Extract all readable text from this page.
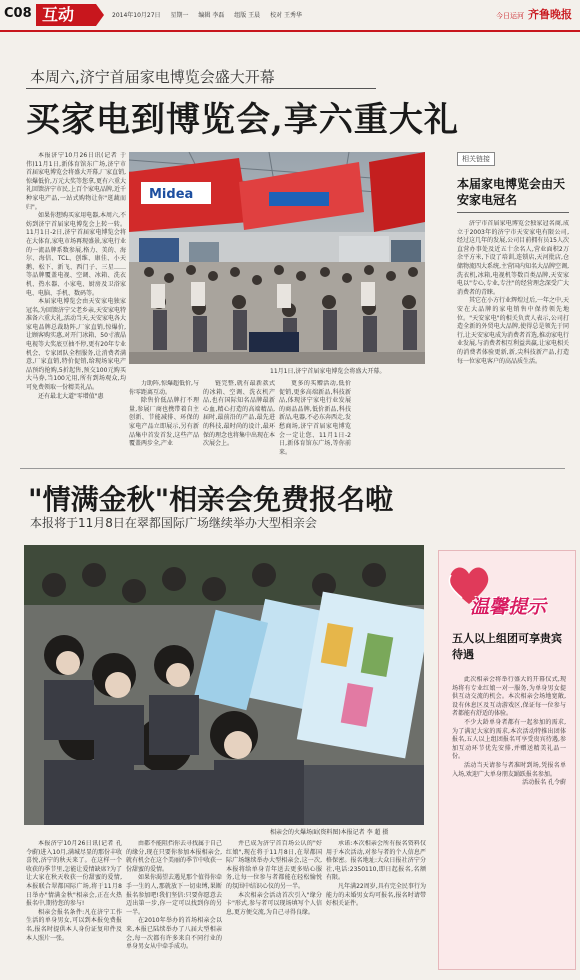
C08 互动	2014年10月27日 星期一 编辑 李磊 组版 王晨 校对 王秀华	今日运河 齐鲁晚报
本周六,济宁首届家电博览会盛大开幕
买家电到博览会,享六重大礼

本报济宁10月26日讯(记者 于伟)11月1日,新体育馆东广场,济宁市首届家电博览会将盛大开幕,厂家直销,惊爆低价,万元大奖等您拿,更有六重大礼回馈济宁市民,上百个家电品牌,近千种家电产品,一站式购物让你"逛蔬而归"。

如果你想购买家用电器,本周六,不妨到济宁首届家电博览会上转一转。11月1日-2日,济宁首届家电博览会将在大体育,家电市场再现盛景,家电行业的一流品牌系数参展,格力、美的、海尔、海信、TCL、创维、康佳、小天鹅、松下、新飞、西门子、三星……等品牌覆盖电视、空调、冰箱、洗衣机、热水器、小家电、厨房及卫浴家电、电脑、手机、数码等。

本届家电博览会由天安家电独家冠名,为回馈济宁父老乡亲,天安家电特准备六重大礼,活动当天,天安家电各大家电品牌总裁助阵,厂家直销,惊爆价,让顾客购实惠,对开门冰箱、50寸液晶电视等大奖底豆抽不停,更有20年专业机会、专家团队全程服务,让消费者满意,厂家直销,特价促销,给现场家电产品预约抢购,5折起售,预交100元购买大马券,当100元用,所有到场观众,均可免费领取一份精美礼品。

还有最北大道"零增值"惠

Midea
11月1日,济宁首届家电博览会将盛大开幕。

力助阵,惊爆超低价,与你零距离互动。

除售价低品牌打不理量,参展厂商也携带着自主创新、节能减排、环保的家电产品立即展示,另有新品集中首发首发,这些产品覆盖两步全,产业

链完整,就有最新款式的冰箱、空调、洗衣机产品,也有国际知名品牌最新心血,精心打造的高端精品,届时,最前沿的产品,最先进的科技,最时尚的设计,最环保的理念也将集中出现在本次展会上。

更多的买赠活动,低价促销,更多高端新品,科技新品,体现济宁家电行业发展的商品品牌,低价新品,科技新品,电器,不必东奔西走,发愁商场,济宁首届家电博览会一定让您、11月1日-2日,新体育馆东广场,等你前来。

相关链接
本届家电博览会由天安家电冠名

济宁市首届家电博览会独家冠名商,成立于2003年的济宁市天安家电有限公司,经过这几年的发展,公司目前拥有员15人次直营办事处及近五十余名人,营业面积2万余平方米,下设了培训,连锁店,天河批店,仓储物流四大系统,主营国内知名大品牌空调,洗衣机,冰箱,电视机等数百类品牌,天安家电以"专心,专业,专注"的经营理念深受广大消费者的青睐。

其它在小方行业辉煌过后,一年之中,天安在大品牌的家电销售中保持领先地位。"天安家电"的相关负责人表示,公司打造全新的外贸电大品牌,使得总是领先于同行,让天安家电成为消费者首选,推动家电行业发展,与消费者相互利益共赢,让家电相关的消费者体验更新,新,尖科技新产品,打造每一位家电客户的高品质生活。

"情满金秋"相亲会免费报名啦
本报将于11月8日在翠都国际广场继续举办大型相亲会
相亲会的火爆场面(资料图)本报记者 李 超 摄

本报济宁10月26日讯(记者 孔令蔚)进入10月,满城尽显的那份丰收喜悦,济宁的秋天来了。在这样一个收获的季节里,怎能让爱情缺席?为了让大家在秋天收获一份甜蜜的爱情,本报联合翠都国际广场,将于11月8日举办"情满金秋"相亲会,正在火热报名中,期待您的参与!

相亲会报名条件:凡在济宁工作生活的单身男女,可以到本报免费报名,报名时提供本人身份证复印件及本人照片一张。

由都不能阻挡你去寻找属于自己的缘分,现在只要你参加本报相亲会,就有机会在这个美丽的季节中收获一份甜蜜的爱情。

如果你渴望去遇见那个值得你牵手一生的人,那就放下一切束缚,果断报名参加吧!我们坚信:只要你愿意去迈出第一步,你一定可以找到你的另一半。

在2010年举办的首场相亲会以来,本报已陆续举办了八届大型相亲会,每一次都有许多来自不同行业的单身男女从中牵手成功。

并已成为济宁首百场公认的"好红娘",现在将于11月8日,在翠都国际广场继续举办大型相亲会,这一次,本报将给单身青年送去更多贴心服务,让每一位参与者都能在轻松愉悦的氛围中结识心仪的另一半。

本次相亲会活动首次引入"缘分卡"形式,参与者可以现场填写个人信息,更方便交流,为自己寻得良缘。

承诺:本次相亲会所有报名资料仅用于本次活动,对参与者的个人信息严格保密。报名地址:大众日报社济宁分社,电话:2350110,即日起报名,名额有限。

凡年满22周岁,具有完全民事行为能力的未婚男女均可报名,报名时请带好相关证件。

温馨提示
五人以上组团可享贵宾待遇

此次相亲会将举行盛大的开幕仪式,现场将有专业红娘一对一服务,为单身男女提供互动交流的机会。本次相亲会场地宽敞,设有休息区及互动游戏区,保证每一位参与者都能有舒适的体验。

不少大龄单身者都有一起参加的需求,为了满足大家的需求,本次活动特推出团体报名,五人以上组团报名可享受贵宾待遇,参加互动环节优先安排,并赠送精美礼品一份。

活动当天请参与者准时到场,凭报名单入场,欢迎广大单身朋友踊跃报名参加。

活动报名 孔令蔚
